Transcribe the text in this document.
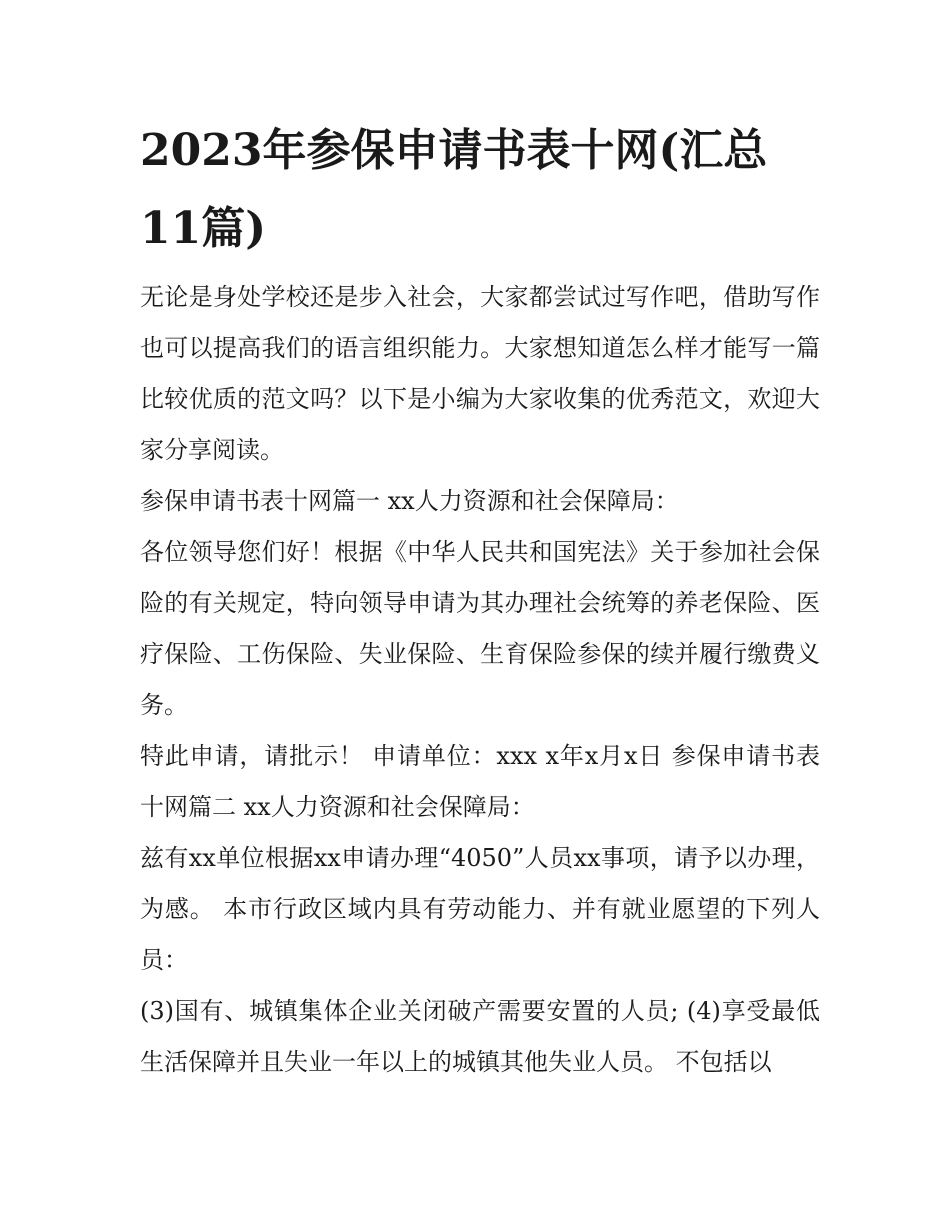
2023年参保申请书表十网(汇总11篇)

无论是身处学校还是步入社会，大家都尝试过写作吧，借助写作也可以提高我们的语言组织能力。大家想知道怎么样才能写一篇比较优质的范文吗？以下是小编为大家收集的优秀范文，欢迎大家分享阅读。

参保申请书表十网篇一 xx人力资源和社会保障局：

各位领导您们好！根据《中华人民共和国宪法》关于参加社会保险的有关规定，特向领导申请为其办理社会统筹的养老保险、医疗保险、工伤保险、失业保险、生育保险参保的续并履行缴费义务。

特此申请，请批示！ 申请单位：xxx x年x月x日 参保申请书表十网篇二 xx人力资源和社会保障局：

兹有xx单位根据xx申请办理“4050”人员xx事项，请予以办理，为感。 本市行政区域内具有劳动能力、并有就业愿望的下列人员：

(3)国有、城镇集体企业关闭破产需要安置的人员; (4)享受最低生活保障并且失业一年以上的城镇其他失业人员。 不包括以
